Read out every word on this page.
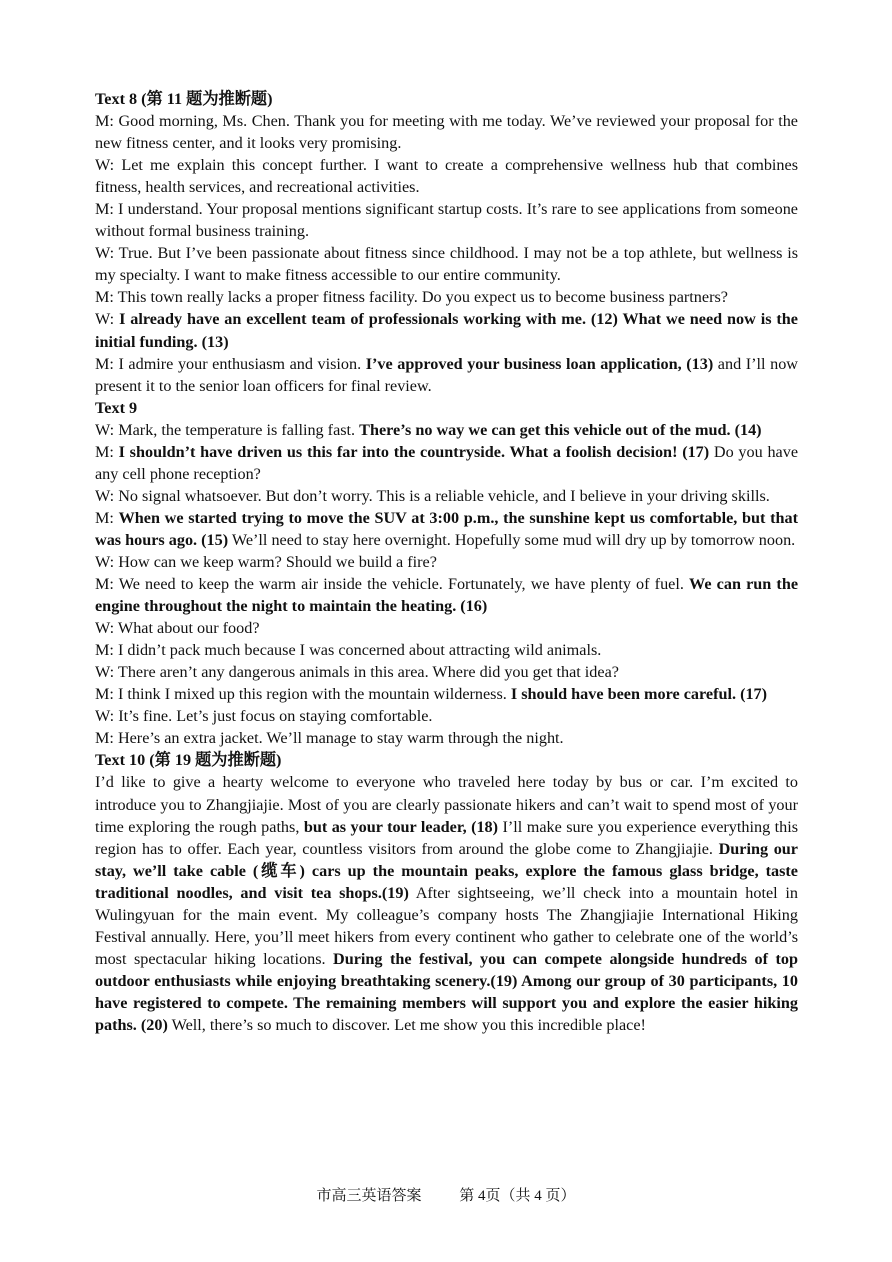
Text 8 (第 11 题为推断题)

M: Good morning, Ms. Chen. Thank you for meeting with me today. We’ve reviewed your proposal for the new fitness center, and it looks very promising.

W: Let me explain this concept further. I want to create a comprehensive wellness hub that combines fitness, health services, and recreational activities.

M: I understand. Your proposal mentions significant startup costs. It’s rare to see applications from someone without formal business training.

W: True. But I’ve been passionate about fitness since childhood. I may not be a top athlete, but wellness is my specialty. I want to make fitness accessible to our entire community.

M: This town really lacks a proper fitness facility. Do you expect us to become business partners?

W: I already have an excellent team of professionals working with me. (12) What we need now is the initial funding. (13)

M: I admire your enthusiasm and vision. I’ve approved your business loan application, (13) and I’ll now present it to the senior loan officers for final review.

Text 9

W: Mark, the temperature is falling fast. There’s no way we can get this vehicle out of the mud. (14)

M: I shouldn’t have driven us this far into the countryside. What a foolish decision! (17) Do you have any cell phone reception?

W: No signal whatsoever. But don’t worry. This is a reliable vehicle, and I believe in your driving skills.

M: When we started trying to move the SUV at 3:00 p.m., the sunshine kept us comfortable, but that was hours ago. (15) We’ll need to stay here overnight. Hopefully some mud will dry up by tomorrow noon.

W: How can we keep warm? Should we build a fire?

M: We need to keep the warm air inside the vehicle. Fortunately, we have plenty of fuel. We can run the engine throughout the night to maintain the heating. (16)

W: What about our food?

M: I didn’t pack much because I was concerned about attracting wild animals.

W: There aren’t any dangerous animals in this area. Where did you get that idea?

M: I think I mixed up this region with the mountain wilderness. I should have been more careful. (17)

W: It’s fine. Let’s just focus on staying comfortable.

M: Here’s an extra jacket. We’ll manage to stay warm through the night.

Text 10 (第 19 题为推断题)

I’d like to give a hearty welcome to everyone who traveled here today by bus or car. I’m excited to introduce you to Zhangjiajie. Most of you are clearly passionate hikers and can’t wait to spend most of your time exploring the rough paths, but as your tour leader, (18) I’ll make sure you experience everything this region has to offer. Each year, countless visitors from around the globe come to Zhangjiajie. During our stay, we’ll take cable (缆车) cars up the mountain peaks, explore the famous glass bridge, taste traditional noodles, and visit tea shops.(19) After sightseeing, we’ll check into a mountain hotel in Wulingyuan for the main event. My colleague’s company hosts The Zhangjiajie International Hiking Festival annually. Here, you’ll meet hikers from every continent who gather to celebrate one of the world’s most spectacular hiking locations. During the festival, you can compete alongside hundreds of top outdoor enthusiasts while enjoying breathtaking scenery.(19) Among our group of 30 participants, 10 have registered to compete. The remaining members will support you and explore the easier hiking paths. (20) Well, there’s so much to discover. Let me show you this incredible place!

市高三英语答案	第 4页（共 4 页）
